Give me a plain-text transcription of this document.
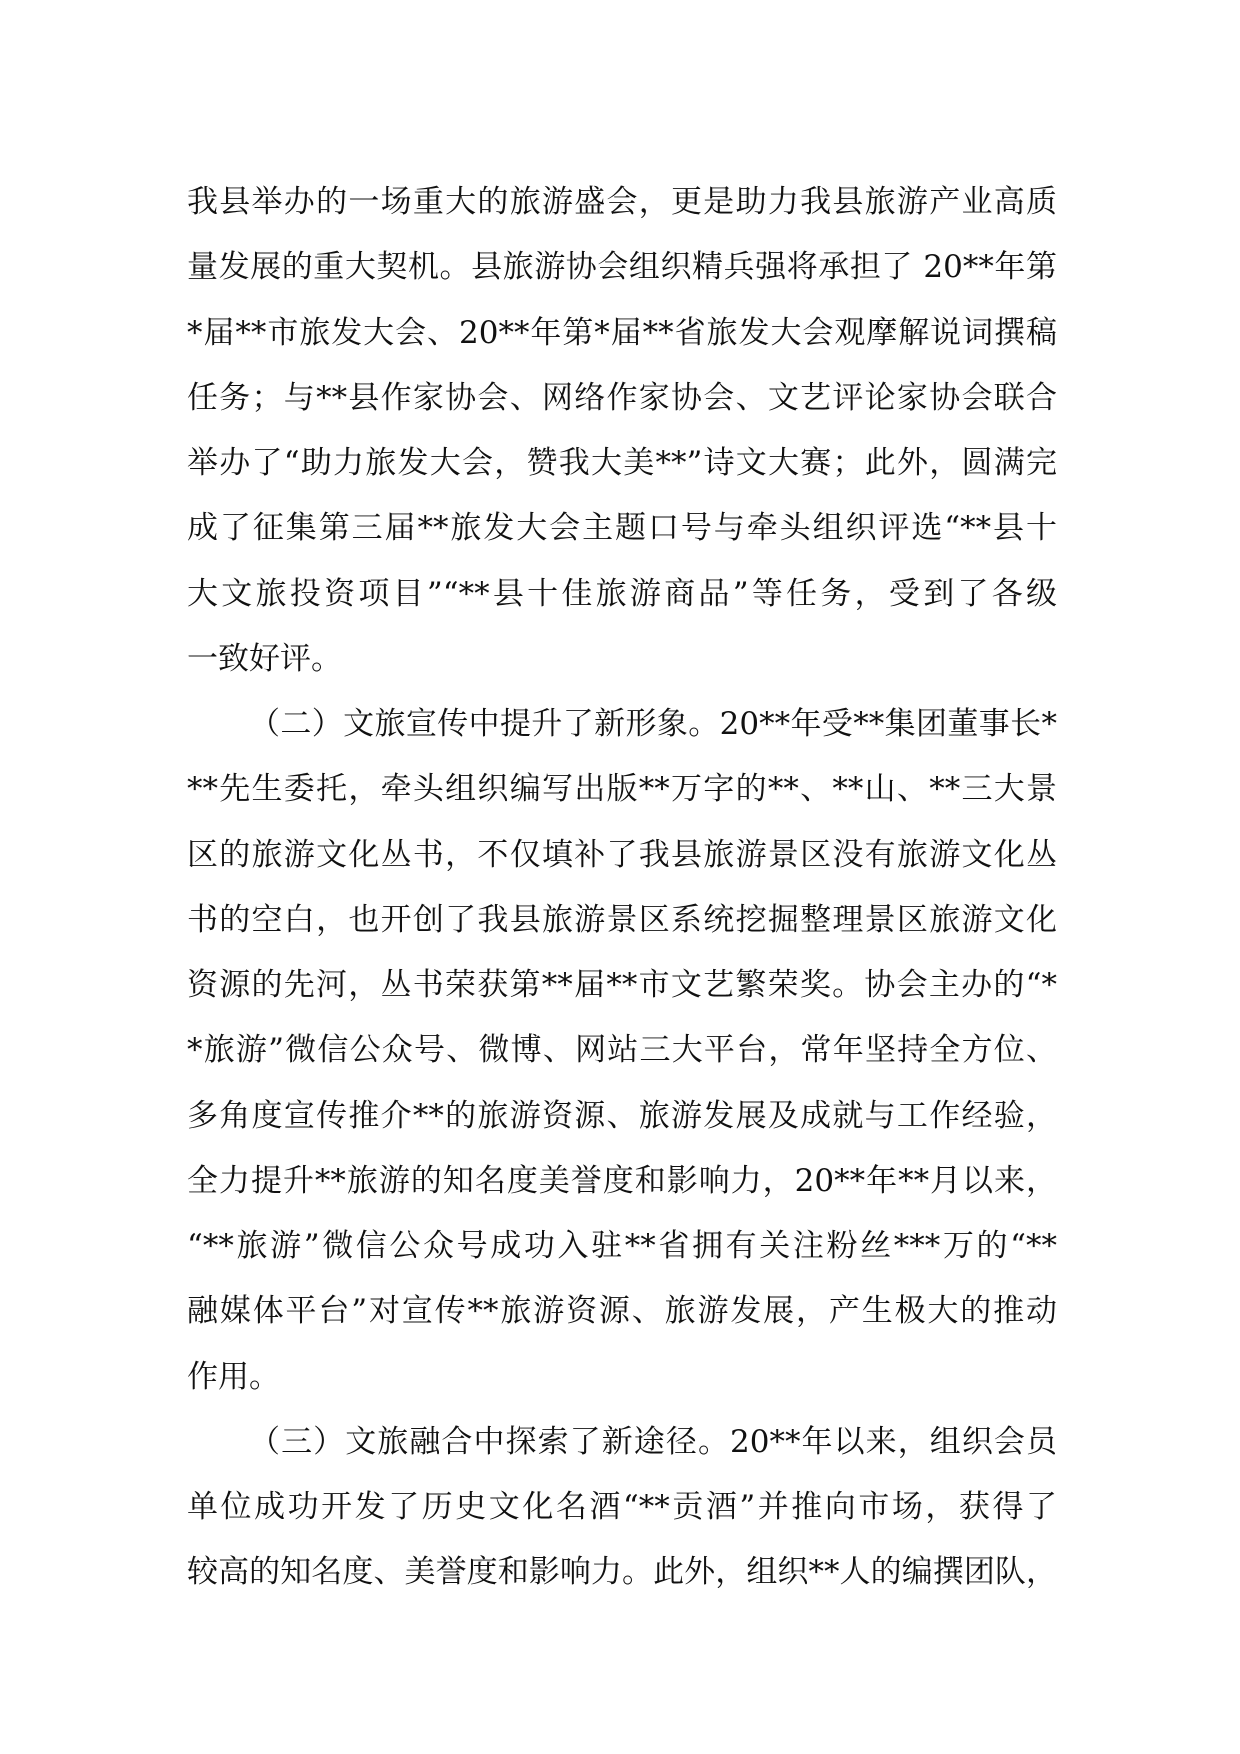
我县举办的一场重大的旅游盛会，更是助力我县旅游产业高质
量发展的重大契机。县旅游协会组织精兵强将承担了 20**年第
*届**市旅发大会、20**年第*届**省旅发大会观摩解说词撰稿
任务；与**县作家协会、网络作家协会、文艺评论家协会联合
举办了“助力旅发大会，赞我大美**”诗文大赛；此外，圆满完
成了征集第三届**旅发大会主题口号与牵头组织评选“**县十
大文旅投资项目”“**县十佳旅游商品”等任务，受到了各级
一致好评。
（二）文旅宣传中提升了新形象。20**年受**集团董事长*
**先生委托，牵头组织编写出版**万字的**、**山、**三大景
区的旅游文化丛书，不仅填补了我县旅游景区没有旅游文化丛
书的空白，也开创了我县旅游景区系统挖掘整理景区旅游文化
资源的先河，丛书荣获第**届**市文艺繁荣奖。协会主办的“*
*旅游”微信公众号、微博、网站三大平台，常年坚持全方位、
多角度宣传推介**的旅游资源、旅游发展及成就与工作经验，
全力提升**旅游的知名度美誉度和影响力，20**年**月以来，
“**旅游”微信公众号成功入驻**省拥有关注粉丝***万的“**
融媒体平台”对宣传**旅游资源、旅游发展，产生极大的推动
作用。
（三）文旅融合中探索了新途径。20**年以来，组织会员
单位成功开发了历史文化名酒“**贡酒”并推向市场，获得了
较高的知名度、美誉度和影响力。此外，组织**人的编撰团队，
